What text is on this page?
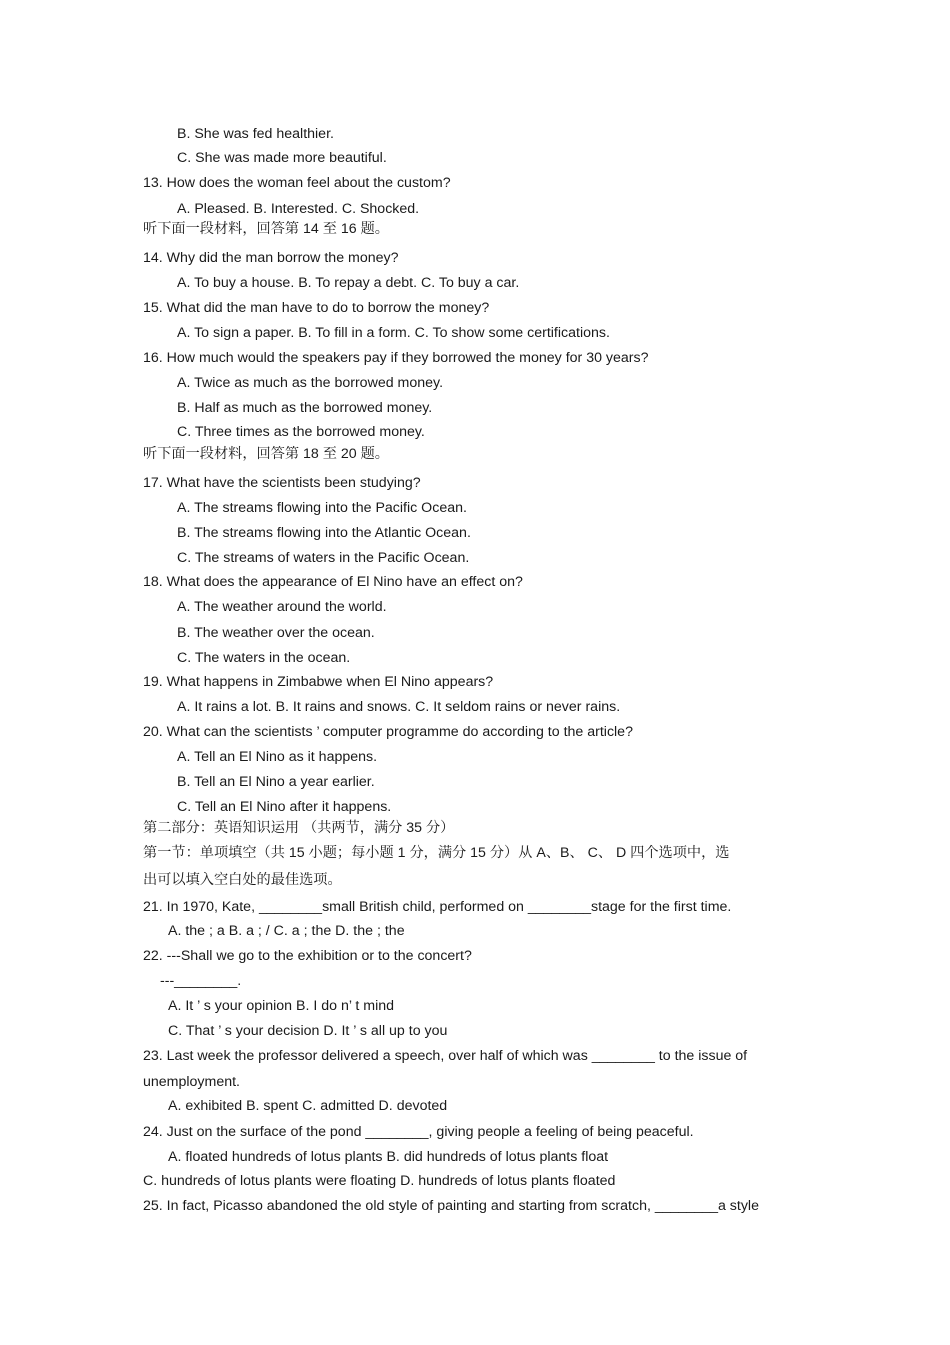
B. She was fed healthier.
C. She was made more beautiful.
13. How does the woman feel about the custom?
A. Pleased. B. Interested. C. Shocked.
听下面一段材料，回答第 14 至 16 题。
14. Why did the man borrow the money?
A. To buy a house. B. To repay a debt. C. To buy a car.
15. What did the man have to do to borrow the money?
A. To sign a paper. B. To fill in a form. C. To show some certifications.
16. How much would the speakers pay if they borrowed the money for 30 years?
A. Twice as much as the borrowed money.
B. Half as much as the borrowed money.
C. Three times as the borrowed money.
听下面一段材料，回答第 18 至 20 题。
17. What have the scientists been studying?
A. The streams flowing into the Pacific Ocean.
B. The streams flowing into the Atlantic Ocean.
C. The streams of waters in the Pacific Ocean.
18. What does the appearance of El Nino have an effect on?
A. The weather around the world.
B. The weather over the ocean.
C. The waters in the ocean.
19. What happens in Zimbabwe when El Nino appears?
A. It rains a lot. B. It rains and snows. C. It seldom rains or never rains.
20. What can the scientists ’ computer programme do according to the article?
A. Tell an El Nino as it happens.
B. Tell an El Nino a year earlier.
C. Tell an El Nino after it happens.
第二部分：英语知识运用 （共两节，满分 35 分）
第一节：单项填空（共 15 小题；每小题 1 分，满分 15 分）从 A、B、 C、 D 四个选项中，选
出可以填入空白处的最佳选项。
21. In 1970, Kate, ________small British child, performed on ________stage for the first time.
A. the ; a B. a ; / C. a ; the D. the ; the
22. ---Shall we go to the exhibition or to the concert?
---________.
A. It ’ s your opinion B. I do n’ t mind
C. That ’ s your decision D. It ’ s all up to you
23. Last week the professor delivered a speech, over half of which was ________ to the issue of
unemployment.
A. exhibited B. spent C. admitted D. devoted
24. Just on the surface of the pond ________, giving people a feeling of being peaceful.
A. floated hundreds of lotus plants B. did hundreds of lotus plants float
C. hundreds of lotus plants were floating D. hundreds of lotus plants floated
25. In fact, Picasso abandoned the old style of painting and starting from scratch, ________a style
